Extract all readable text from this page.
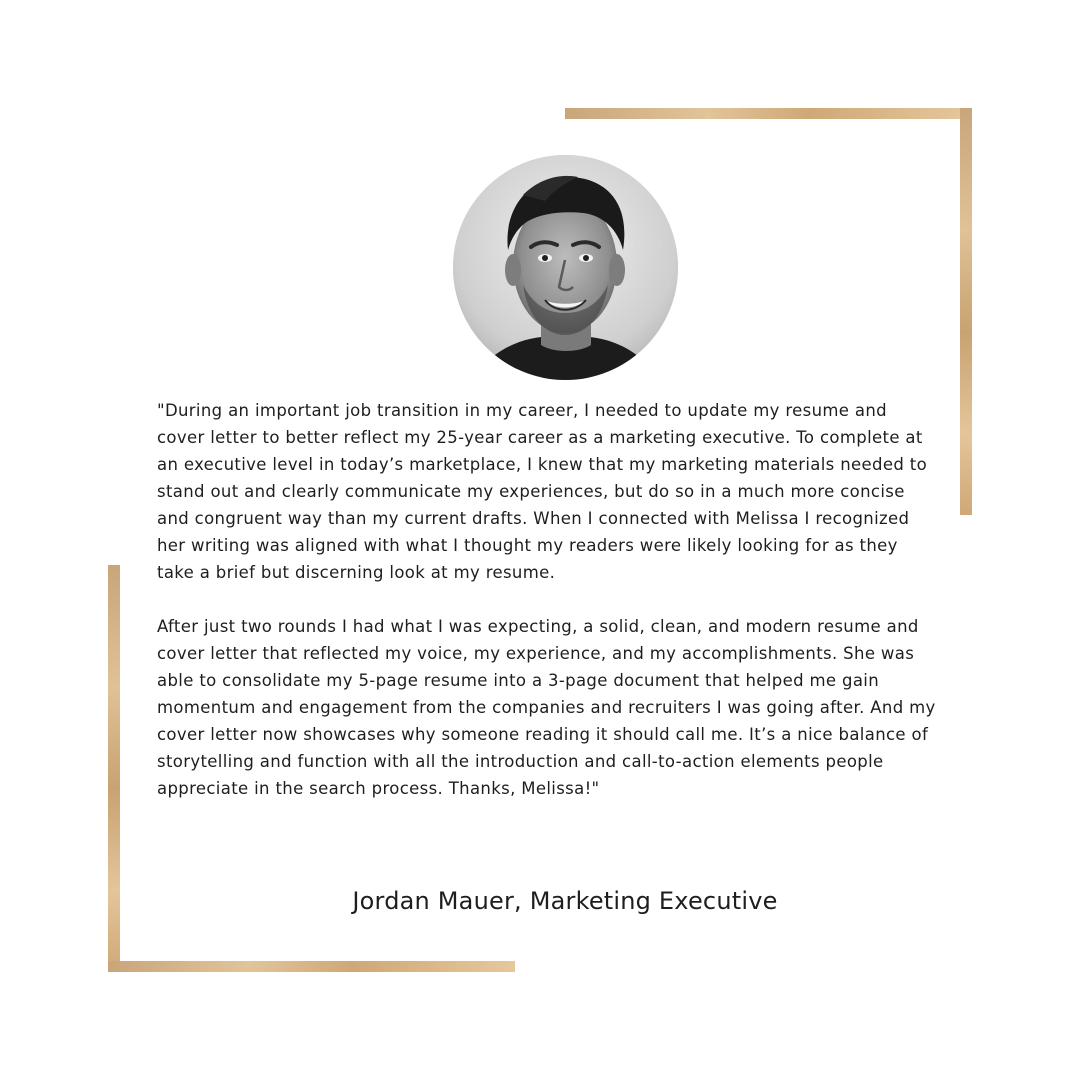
"During an important job transition in my career, I needed to update my resume and cover letter to better reflect my 25-year career as a marketing executive. To complete at an executive level in today’s marketplace, I knew that my marketing materials needed to stand out and clearly communicate my experiences, but do so in a much more concise and congruent way than my current drafts. When I connected with Melissa I recognized her writing was aligned with what I thought my readers were likely looking for as they take a brief but discerning look at my resume.

After just two rounds I had what I was expecting, a solid, clean, and modern resume and cover letter that reflected my voice, my experience, and my accomplishments. She was able to consolidate my 5-page resume into a 3-page document that helped me gain momentum and engagement from the companies and recruiters I was going after. And my cover letter now showcases why someone reading it should call me. It’s a nice balance of storytelling and function with all the introduction and call-to-action elements people appreciate in the search process. Thanks, Melissa!"

Jordan Mauer, Marketing Executive
